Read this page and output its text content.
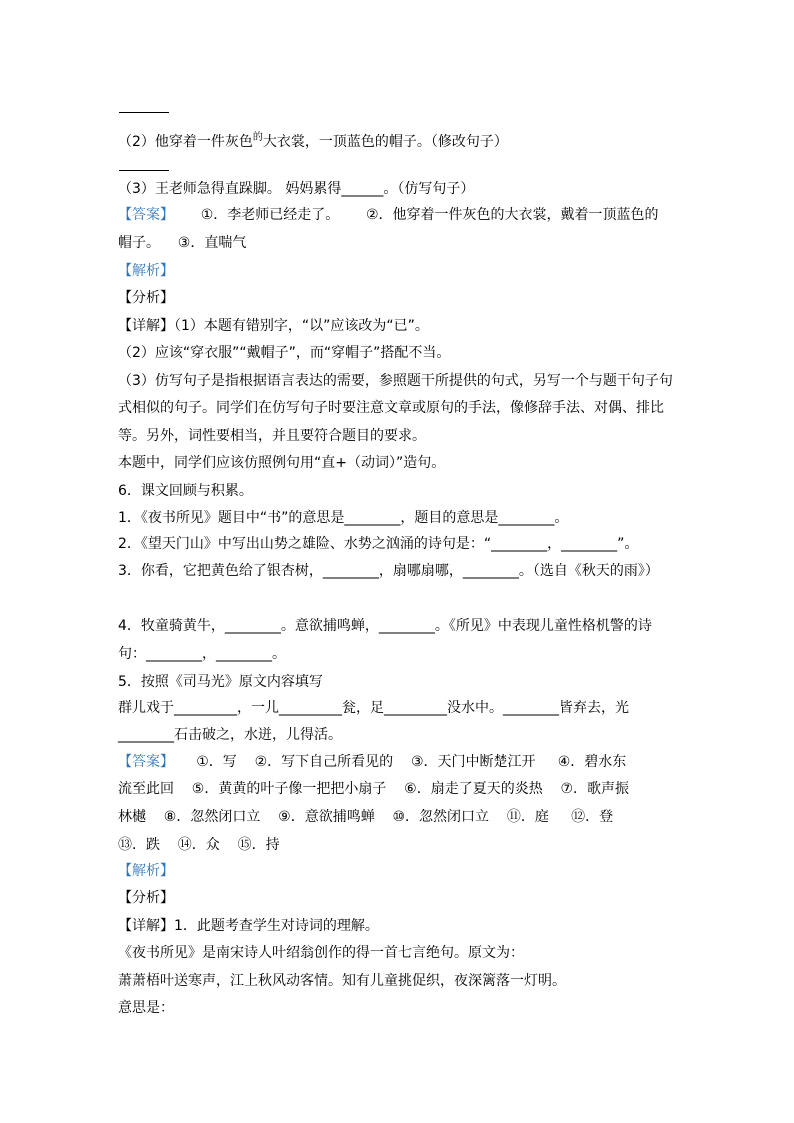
（2）他穿着一件灰色$^的$大衣裳，一顶蓝色的帽子。（修改句子）
（3）王老师急得直跺脚。 妈妈累得______。（仿写句子）
【答案】      ①．李老师已经走了。      ②．他穿着一件灰色的大衣裳，戴着一顶蓝色的
帽子。    ③．直喘气
【解析】
【分析】
【详解】（1）本题有错别字，“以”应该改为“已”。
（2）应该“穿衣服”“戴帽子”，而“穿帽子”搭配不当。
（3）仿写句子是指根据语言表达的需要，参照题干所提供的句式，另写一个与题干句子句
式相似的句子。同学们在仿写句子时要注意文章或原句的手法，像修辞手法、对偶、排比
等。另外，词性要相当，并且要符合题目的要求。
本题中，同学们应该仿照例句用“直+（动词）”造句。
6．课文回顾与积累。
1．《夜书所见》题目中“书”的意思是________，题目的意思是________。
2．《望天门山》中写出山势之雄险、水势之汹涌的诗句是：“________，________”。
3．你看，它把黄色给了银杏树，________，扇哪扇哪，________。（选自《秋天的雨》）
4．牧童骑黄牛，________。意欲捕鸣蝉，________。《所见》中表现儿童性格机警的诗
句：________，________。
5．按照《司马光》原文内容填写
群儿戏于_________，一儿_________瓮，足_________没水中。________皆弃去，光
________石击破之，水迸，儿得活。
【答案】     ①．写    ②．写下自己所看见的    ③．天门中断楚江开     ④．碧水东
流至此回    ⑤．黄黄的叶子像一把把小扇子    ⑥．扇走了夏天的炎热    ⑦．歌声振
林樾    ⑧．忽然闭口立    ⑨．意欲捕鸣蝉    ⑩．忽然闭口立    ⑪．庭     ⑫．登
⑬．跌    ⑭．众    ⑮．持
【解析】
【分析】
【详解】1．此题考查学生对诗词的理解。
《夜书所见》是南宋诗人叶绍翁创作的得一首七言绝句。原文为：
萧萧梧叶送寒声，江上秋风动客情。知有儿童挑促织，夜深篱落一灯明。
意思是：
